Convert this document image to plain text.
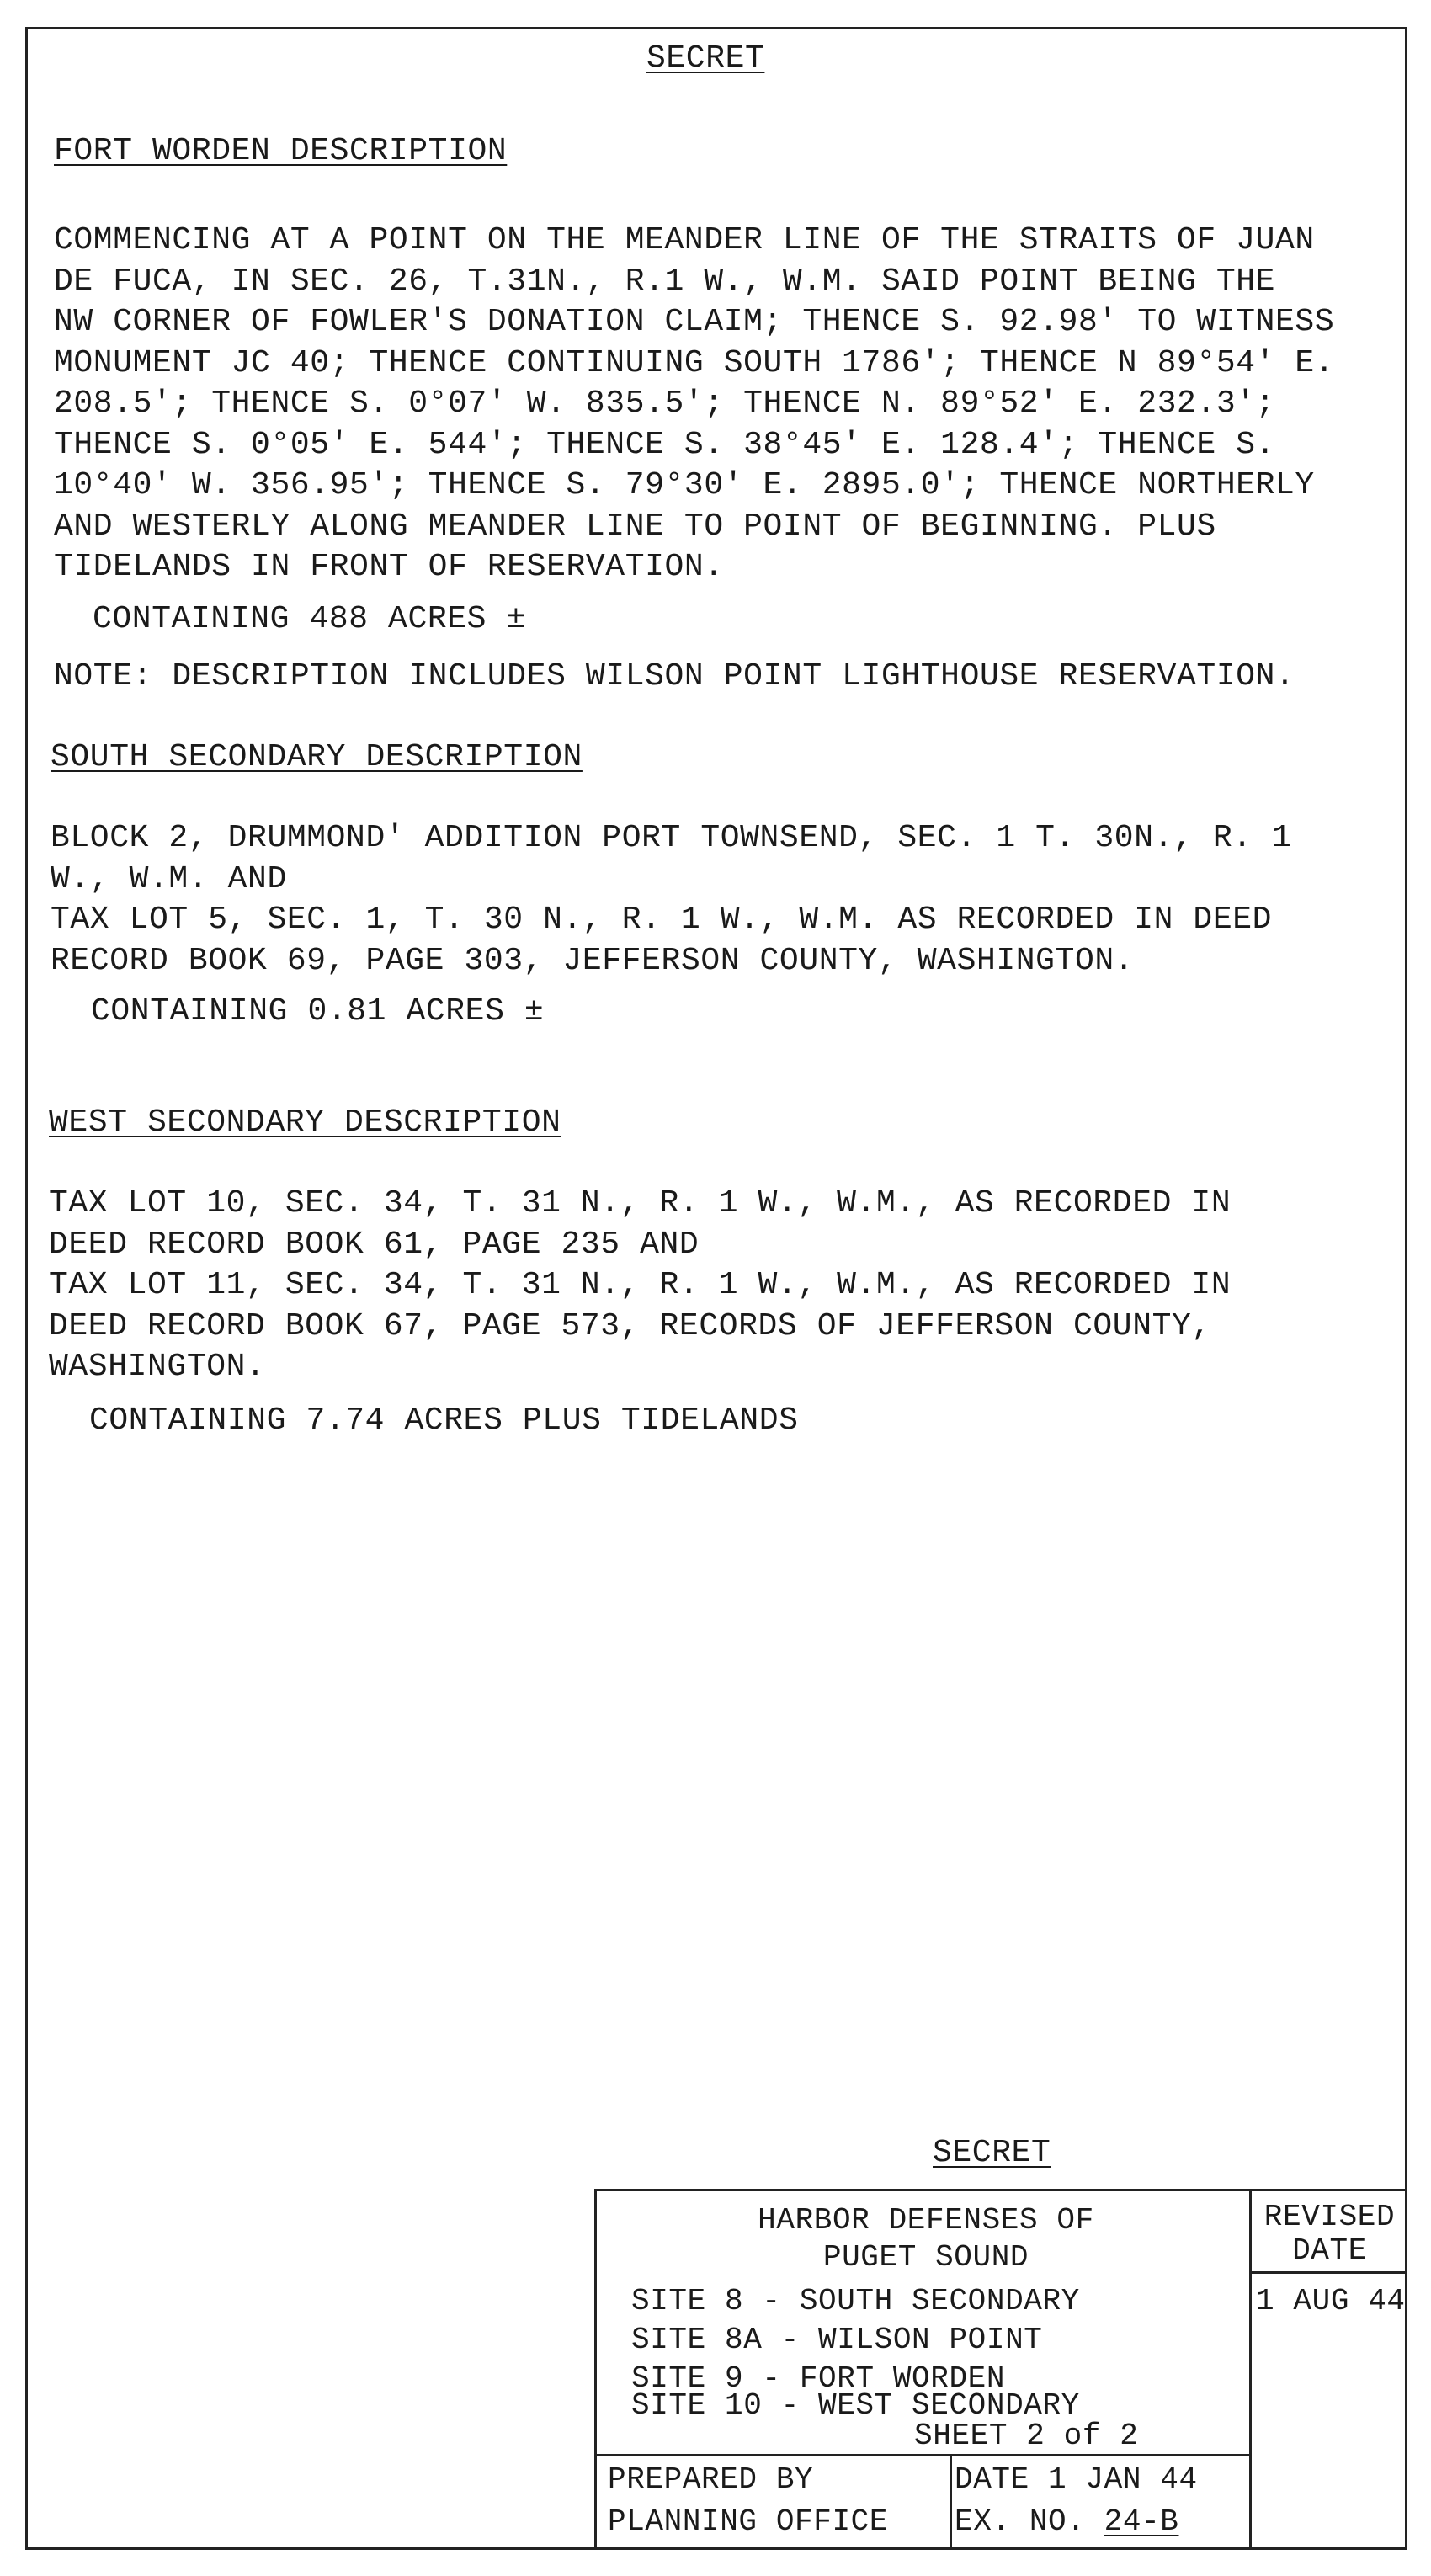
SECRET
FORT WORDEN DESCRIPTION
COMMENCING AT A POINT ON THE MEANDER LINE OF THE STRAITS OF JUAN
DE FUCA, IN SEC. 26, T.31N., R.1 W., W.M. SAID POINT BEING THE
NW CORNER OF FOWLER'S DONATION CLAIM; THENCE S. 92.98' TO WITNESS
MONUMENT JC 40; THENCE CONTINUING SOUTH 1786'; THENCE N 89°54' E.
208.5'; THENCE S. 0°07' W. 835.5'; THENCE N. 89°52' E. 232.3';
THENCE S. 0°05' E. 544'; THENCE S. 38°45' E. 128.4'; THENCE S.
10°40' W. 356.95'; THENCE S. 79°30' E. 2895.0'; THENCE NORTHERLY
AND WESTERLY ALONG MEANDER LINE TO POINT OF BEGINNING. PLUS
TIDELANDS IN FRONT OF RESERVATION.
CONTAINING 488 ACRES ±
NOTE: DESCRIPTION INCLUDES WILSON POINT LIGHTHOUSE RESERVATION.
SOUTH SECONDARY DESCRIPTION
BLOCK 2, DRUMMOND' ADDITION PORT TOWNSEND, SEC. 1 T. 30N., R. 1
W., W.M. AND
TAX LOT 5, SEC. 1, T. 30 N., R. 1 W., W.M. AS RECORDED IN DEED
RECORD BOOK 69, PAGE 303, JEFFERSON COUNTY, WASHINGTON.
CONTAINING 0.81 ACRES ±
WEST SECONDARY DESCRIPTION
TAX LOT 10, SEC. 34, T. 31 N., R. 1 W., W.M., AS RECORDED IN
DEED RECORD BOOK 61, PAGE 235 AND
TAX LOT 11, SEC. 34, T. 31 N., R. 1 W., W.M., AS RECORDED IN
DEED RECORD BOOK 67, PAGE 573, RECORDS OF JEFFERSON COUNTY,
WASHINGTON.
CONTAINING 7.74 ACRES PLUS TIDELANDS
SECRET
HARBOR DEFENSES OF
PUGET SOUND
SITE 8 - SOUTH SECONDARY
SITE 8A - WILSON POINT
SITE 9 - FORT WORDEN
SITE 10 - WEST SECONDARY
SHEET 2 of 2
REVISED
DATE
1 AUG 44
PREPARED BY
PLANNING OFFICE
DATE 1 JAN 44
EX. NO. 24-B
